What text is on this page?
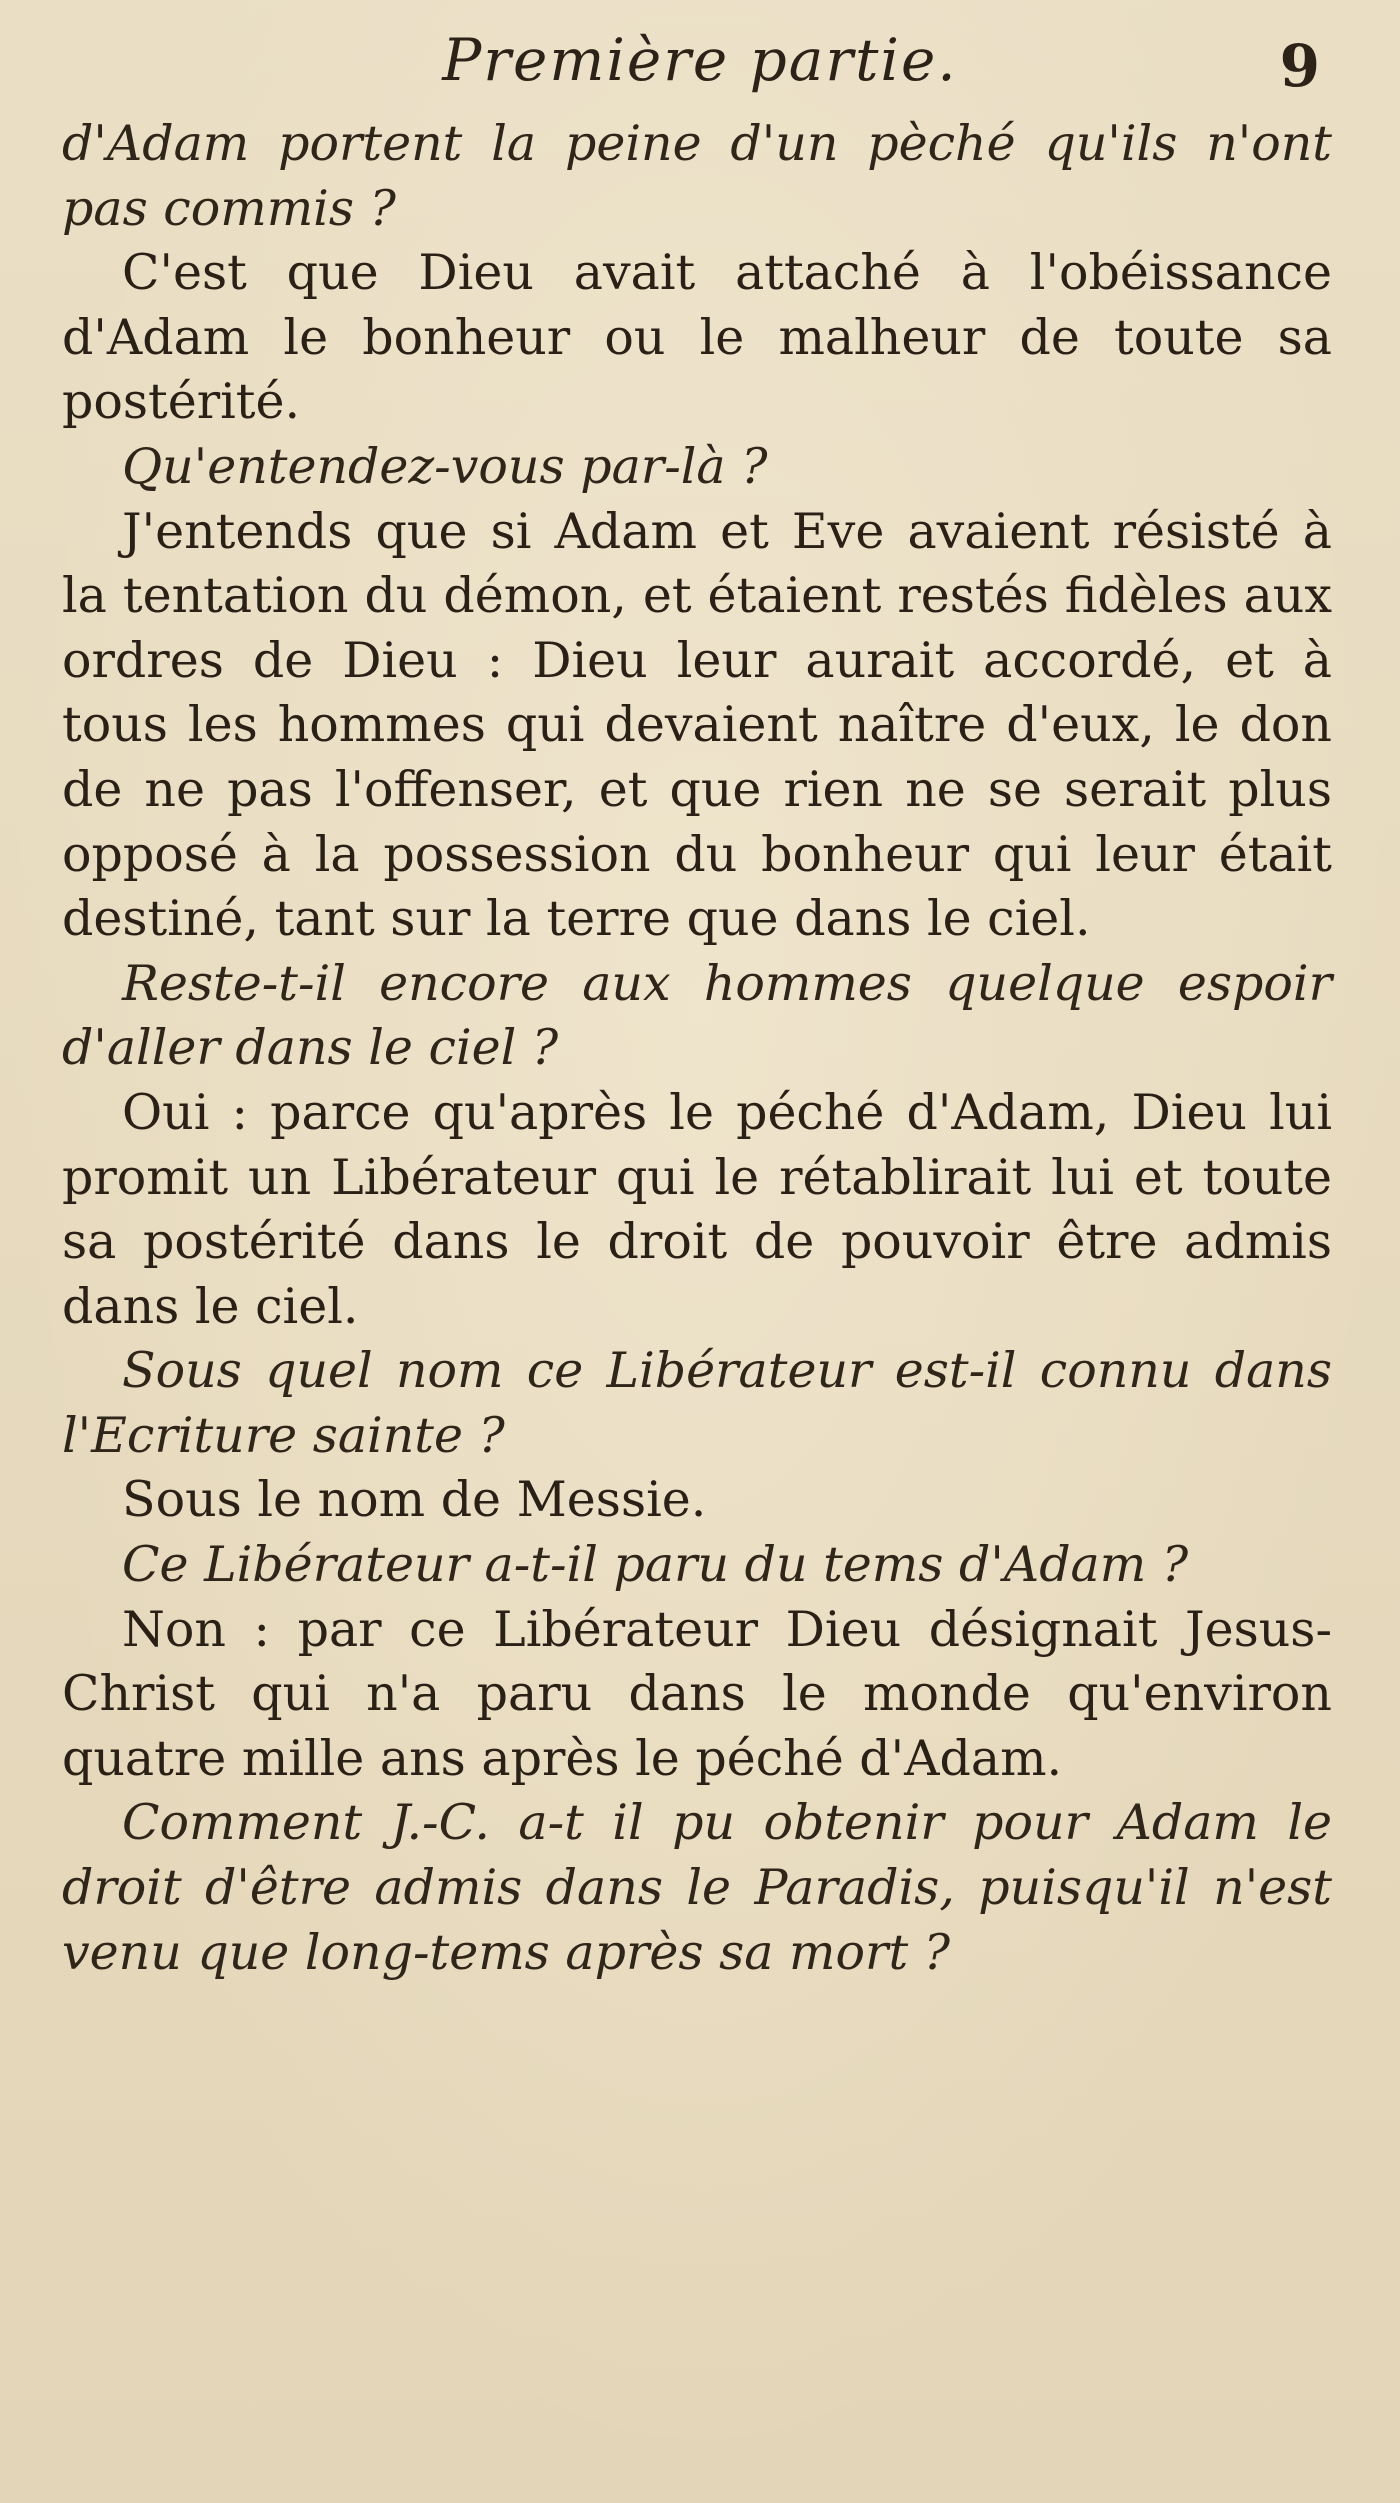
Première partie.	9

d'Adam portent la peine d'un pèché qu'ils n'ont pas commis ?

C'est que Dieu avait attaché à l'obéissance d'Adam le bonheur ou le malheur de toute sa postérité.

Qu'entendez-vous par-là ?

J'entends que si Adam et Eve avaient résisté à la tentation du démon, et étaient restés fidèles aux ordres de Dieu : Dieu leur aurait accordé, et à tous les hommes qui devaient naître d'eux, le don de ne pas l'offenser, et que rien ne se serait plus opposé à la possession du bonheur qui leur était destiné, tant sur la terre que dans le ciel.

Reste-t-il encore aux hommes quelque espoir d'aller dans le ciel ?

Oui : parce qu'après le péché d'Adam, Dieu lui promit un Libérateur qui le rétablirait lui et toute sa postérité dans le droit de pouvoir être admis dans le ciel.

Sous quel nom ce Libérateur est-il connu dans l'Ecriture sainte ?

Sous le nom de Messie.

Ce Libérateur a-t-il paru du tems d'Adam ?

Non : par ce Libérateur Dieu désignait Jesus-Christ qui n'a paru dans le monde qu'environ quatre mille ans après le péché d'Adam.

Comment J.-C. a-t il pu obtenir pour Adam le droit d'être admis dans le Paradis, puisqu'il n'est venu que long-tems après sa mort ?
